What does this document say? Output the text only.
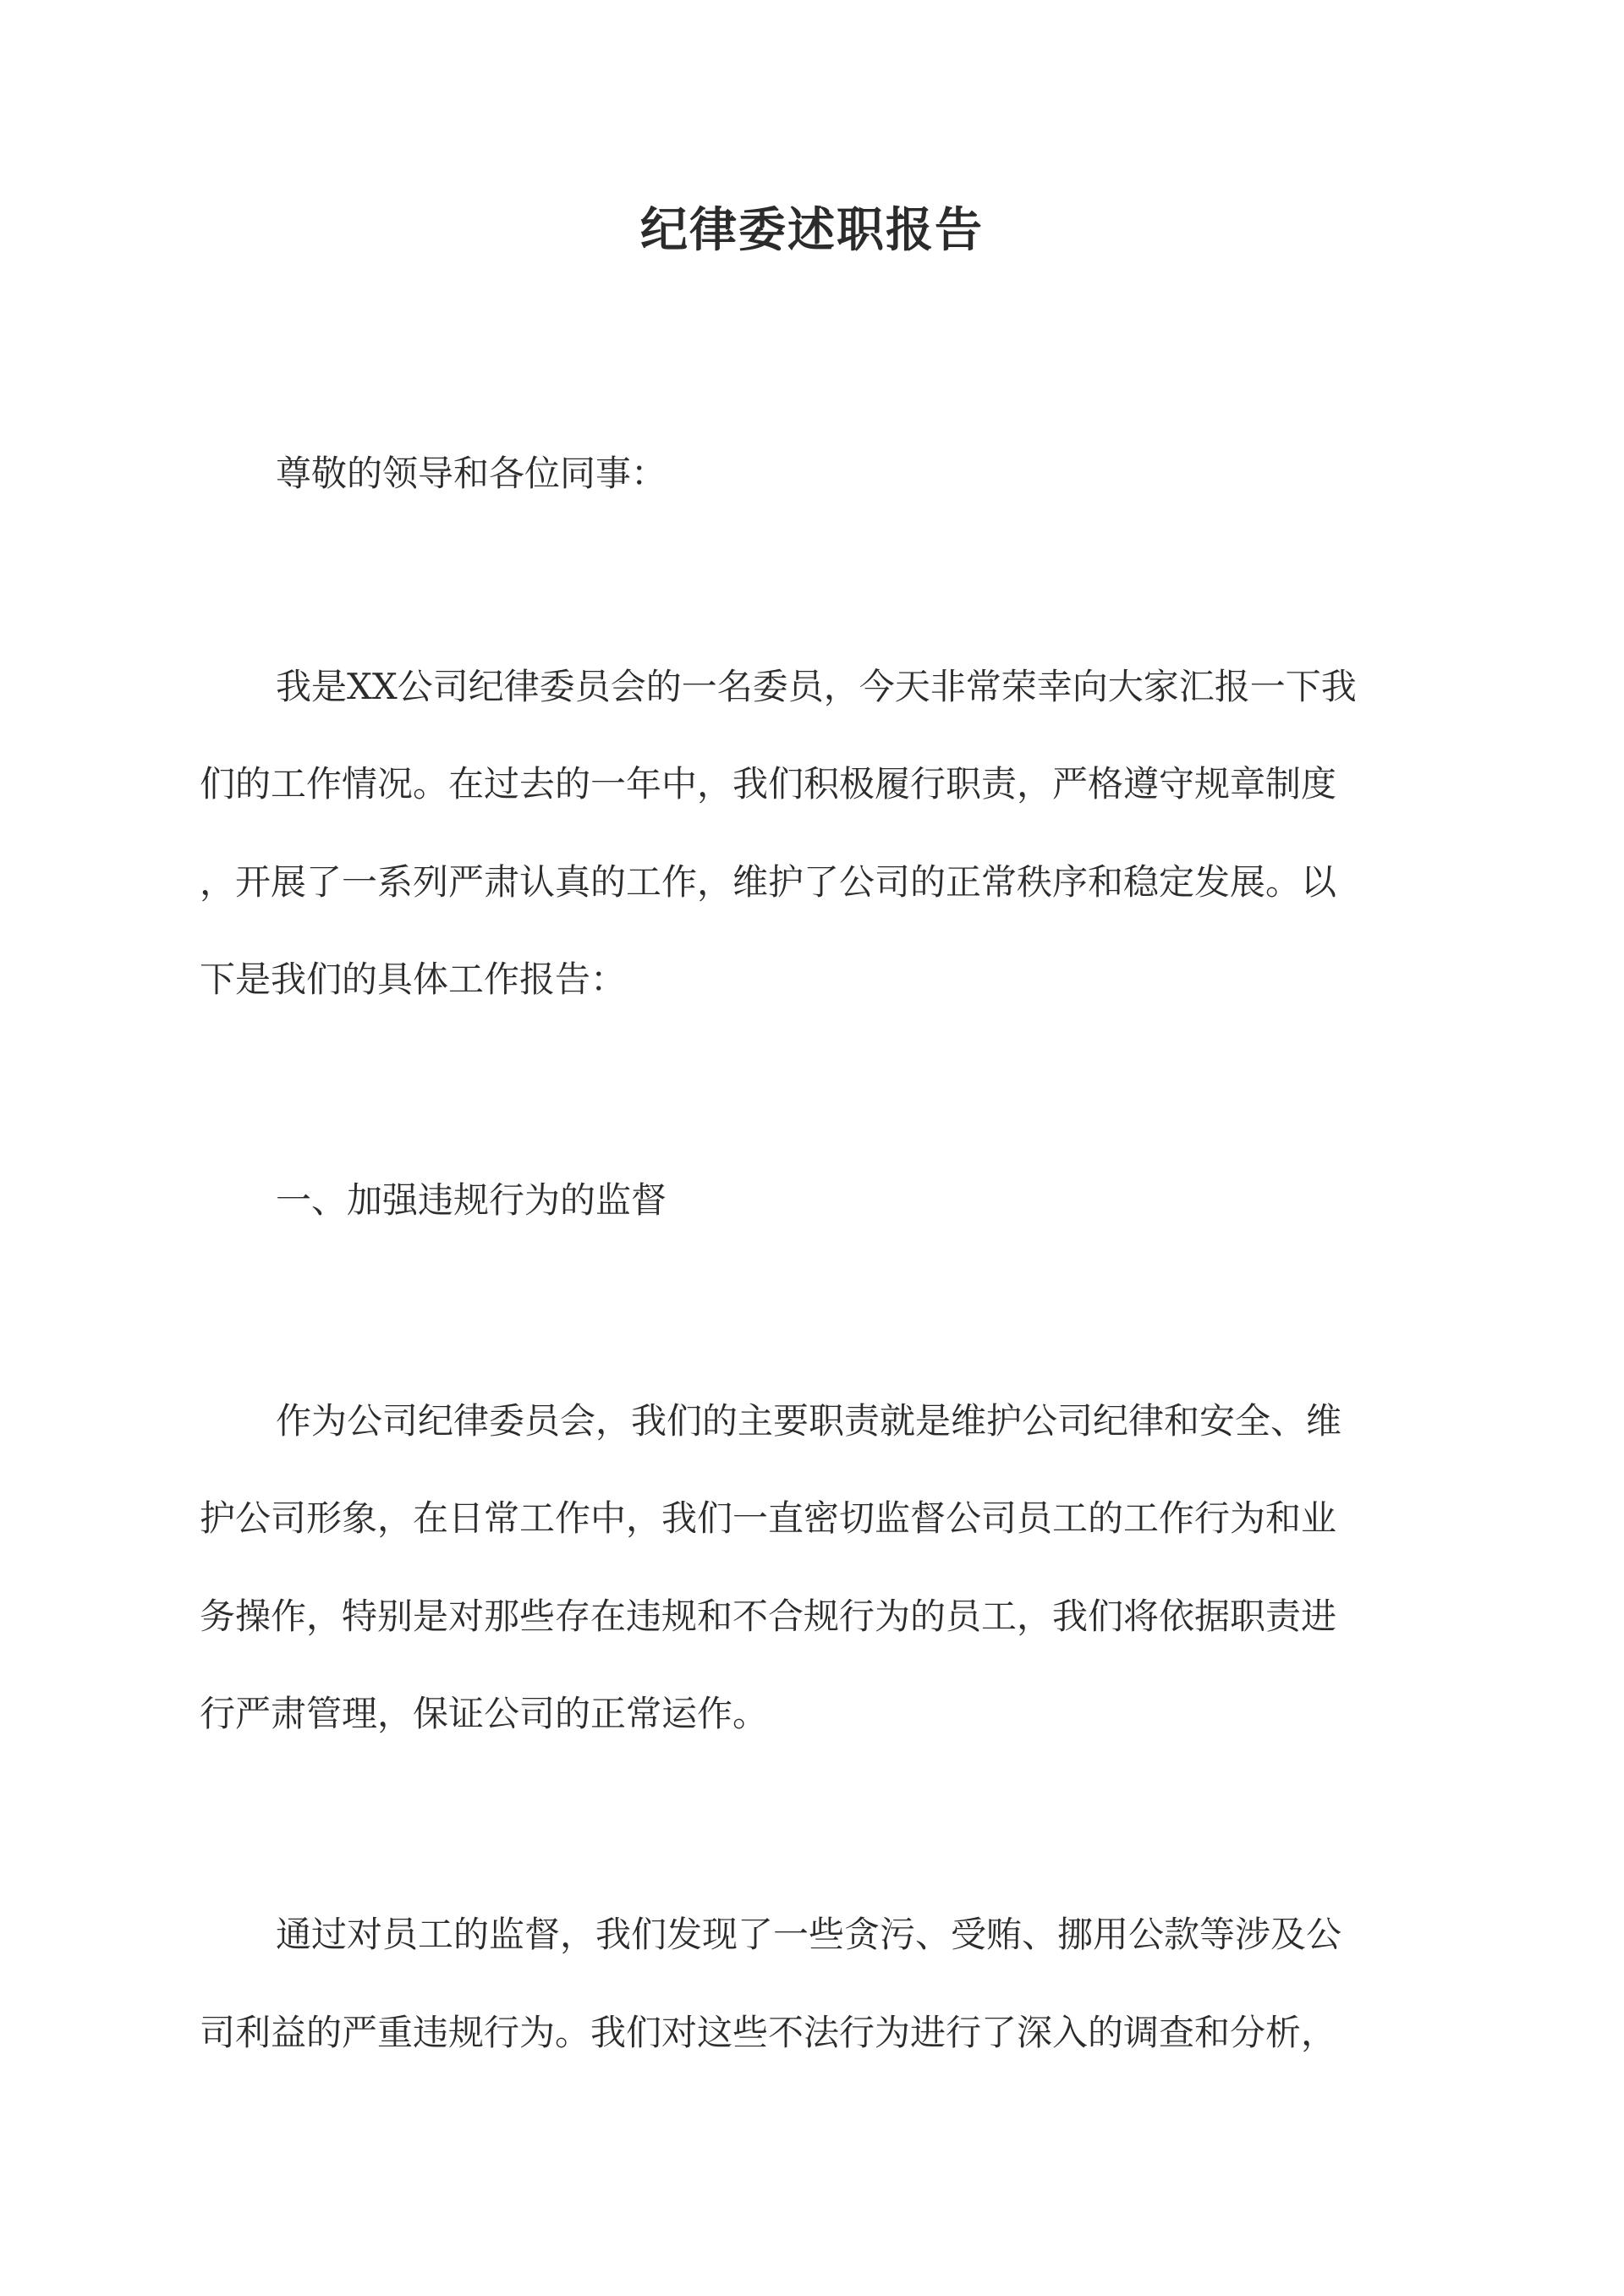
纪律委述职报告

尊敬的领导和各位同事：

我是XX公司纪律委员会的一名委员，今天非常荣幸向大家汇报一下我

们的工作情况。在过去的一年中，我们积极履行职责，严格遵守规章制度

，开展了一系列严肃认真的工作，维护了公司的正常秩序和稳定发展。以

下是我们的具体工作报告：

一、加强违规行为的监督

作为公司纪律委员会，我们的主要职责就是维护公司纪律和安全、维

护公司形象，在日常工作中，我们一直密切监督公司员工的工作行为和业

务操作，特别是对那些存在违规和不合规行为的员工，我们将依据职责进

行严肃管理，保证公司的正常运作。

通过对员工的监督，我们发现了一些贪污、受贿、挪用公款等涉及公

司利益的严重违规行为。我们对这些不法行为进行了深入的调查和分析，
